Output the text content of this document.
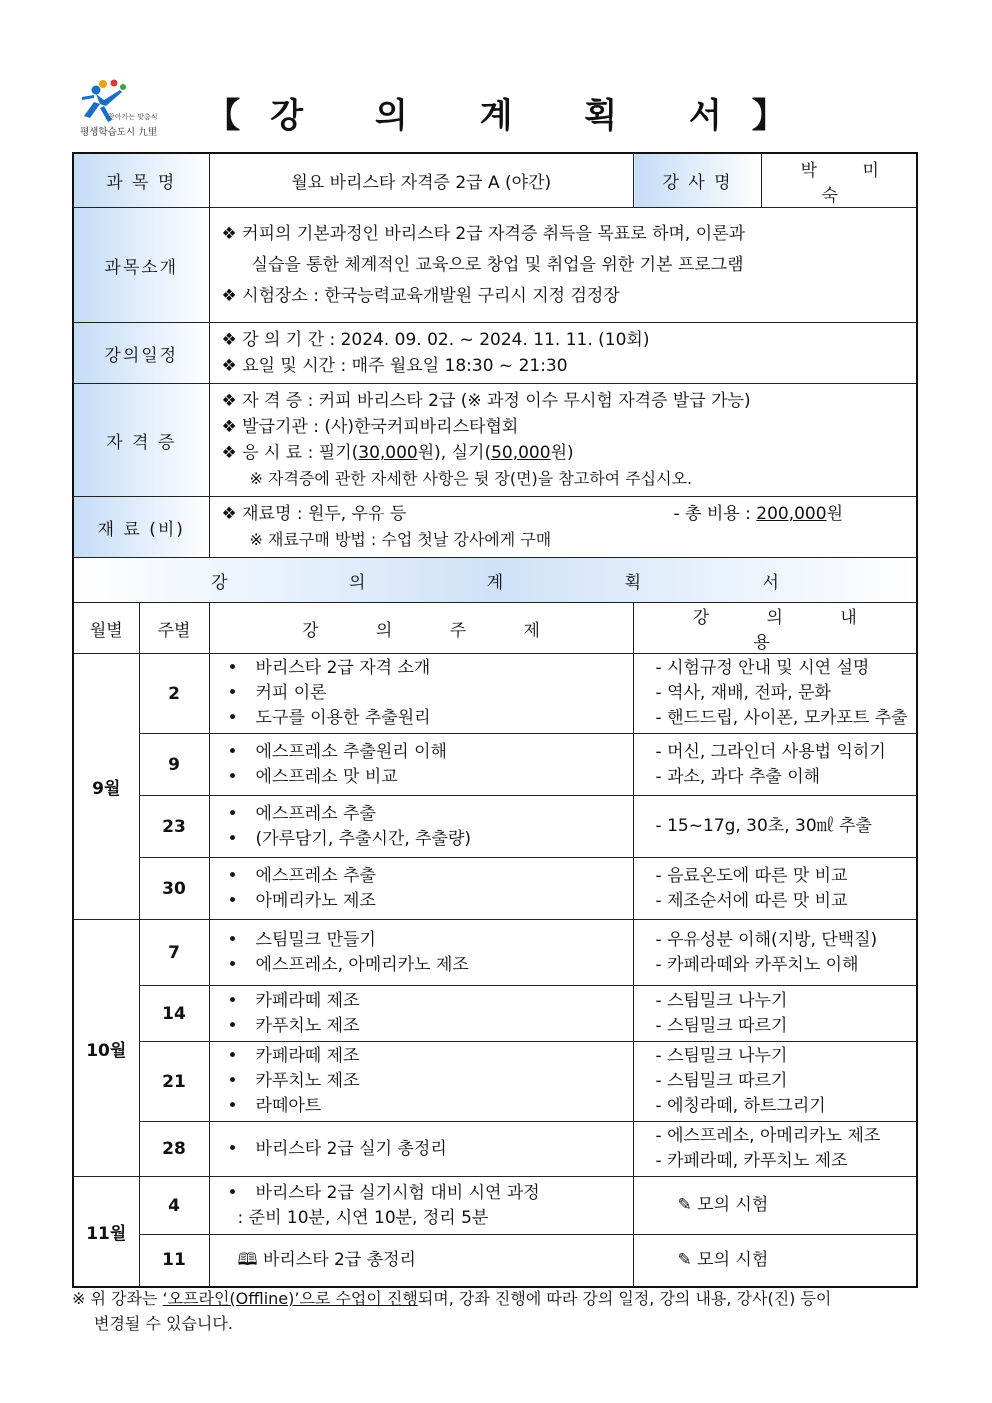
찾아가는 맞춤식
평생학습도시 九里	【강 의 계 획 서】
과 목 명		월요 바리스타 자격증 2급 A (야간)	강 사 명	박 미 숙

과목소개	
❖ 커피의 기본과정인 바리스타 2급 자격증 취득을 목표로 하며, 이론과
실습을 통한 체계적인 교육으로 창업 및 취업을 위한 기본 프로그램
❖ 시험장소 : 한국능력교육개발원 구리시 지정 검정장

강의일정	
❖ 강 의 기 간 : 2024. 09. 02. ~ 2024. 11. 11. (10회)
❖ 요일 및 시간 : 매주 월요일 18:30 ~ 21:30

자 격 증	
❖ 자 격 증 : 커피 바리스타 2급 (※ 과정 이수 무시험 자격증 발급 가능)
❖ 발급기관 : (사)한국커피바리스타협회
❖ 응 시 료 : 필기(30,000원), 실기(50,000원)
※ 자격증에 관한 자세한 사항은 뒷 장(면)을 참고하여 주십시오.

재 료 (비)	
❖ 재료명 : 원두, 우유 등	- 총 비용 : 200,000원
※ 재료구매 방법 : 수업 첫날 강사에게 구매

강 의 계 획 서
월별	주별	강 의 주 제	강 의 내 용
9월	2	
• 바리스타 2급 자격 소개
• 커피 이론
• 도구를 이용한 추출원리

- 시험규정 안내 및 시연 설명
- 역사, 재배, 전파, 문화
- 핸드드립, 사이폰, 모카포트 추출

9	
• 에스프레소 추출원리 이해
• 에스프레소 맛 비교

- 머신, 그라인더 사용법 익히기
- 과소, 과다 추출 이해

23	
• 에스프레소 추출
• (가루담기, 추출시간, 추출량)

- 15~17g, 30초, 30㎖ 추출

30	
• 에스프레소 추출
• 아메리카노 제조

- 음료온도에 따른 맛 비교
- 제조순서에 따른 맛 비교

10월	7	
• 스팀밀크 만들기
• 에스프레소, 아메리카노 제조

- 우유성분 이해(지방, 단백질)
- 카페라떼와 카푸치노 이해

14	
• 카페라떼 제조
• 카푸치노 제조

- 스팀밀크 나누기
- 스팀밀크 따르기

21	
• 카페라떼 제조
• 카푸치노 제조
• 라떼아트

- 스팀밀크 나누기
- 스팀밀크 따르기
- 에칭라떼, 하트그리기

28	
•바리스타 2급 실기 총정리

- 에스프레소, 아메리카노 제조
- 카페라떼, 카푸치노 제조

11월	4	
• 바리스타 2급 실기시험 대비 시연 과정
: 준비 10분, 시연 10분, 정리 5분

✎ 모의 시험

11	🕮 바리스타 2급 총정리	✎ 모의 시험
※ 위 강좌는 ‘오프라인(Offline)’으로 수업이 진행되며, 강좌 진행에 따라 강의 일정, 강의 내용, 강사(진) 등이
변경될 수 있습니다.
